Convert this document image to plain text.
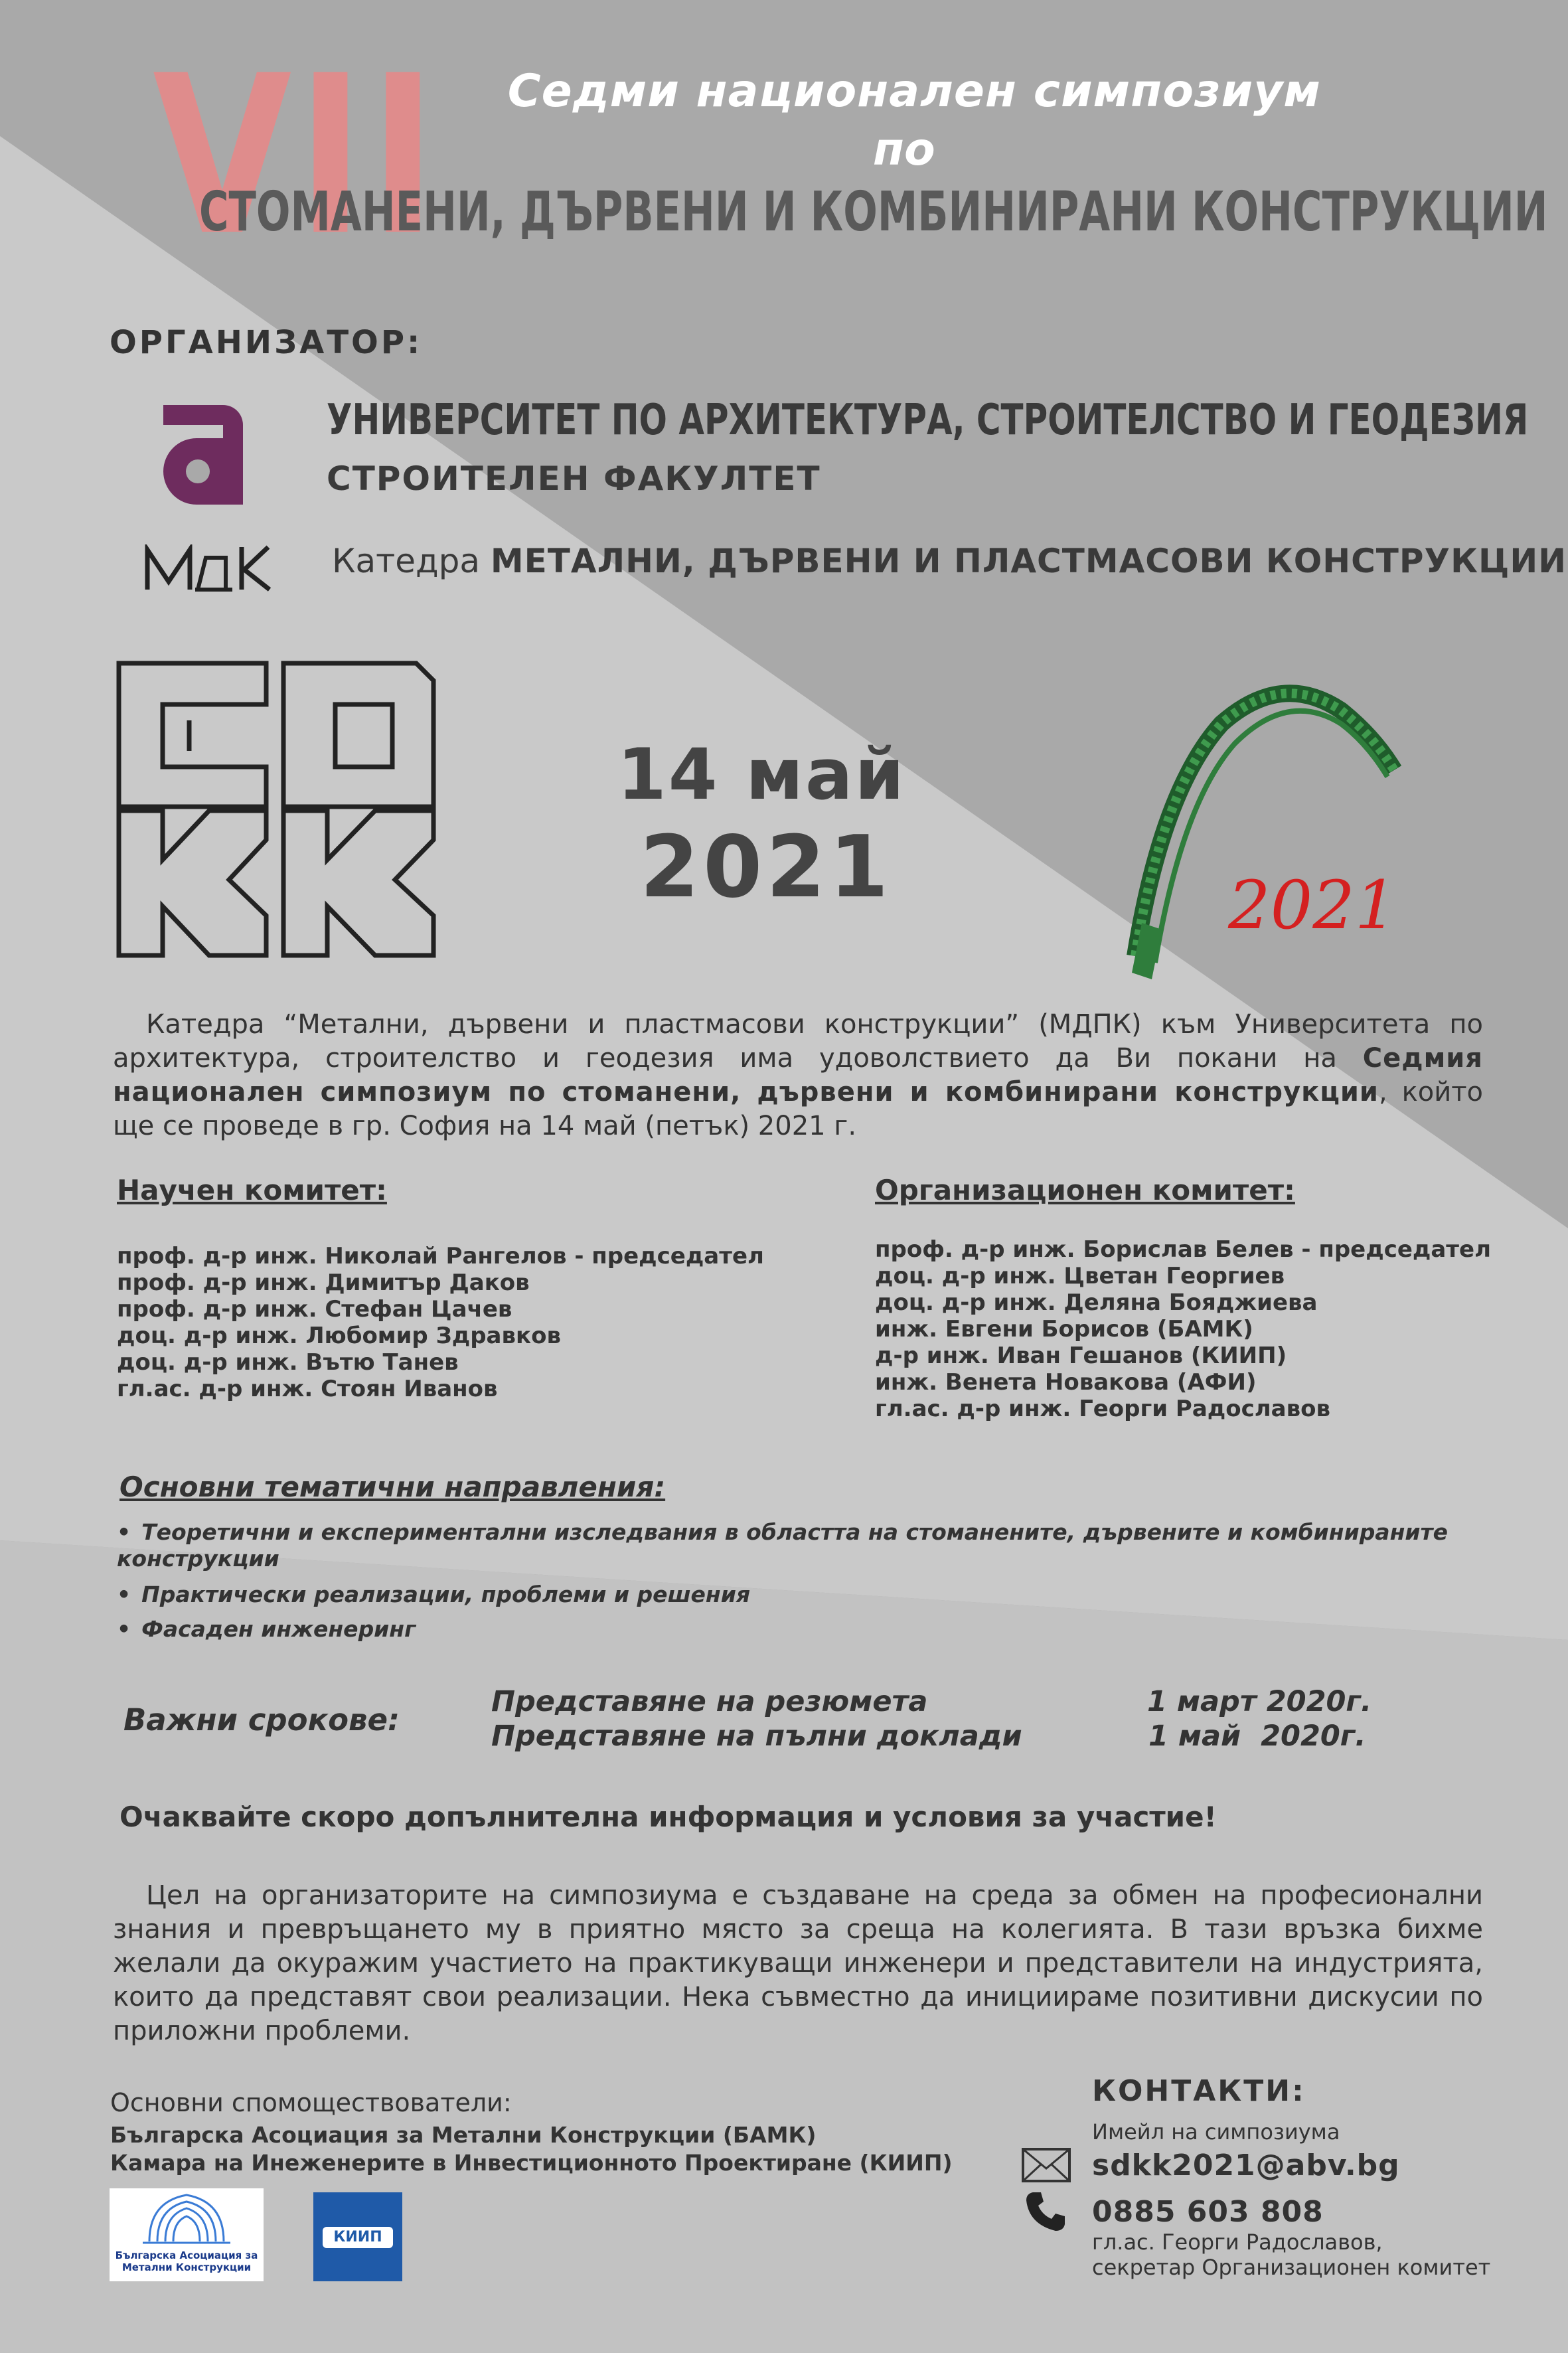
VII	Седми национален симпозиум
по
СТОМАНЕНИ, ДЪРВЕНИ И КОМБИНИРАНИ КОНСТРУКЦИИ
ОРГАНИЗАТОР:
УНИВЕРСИТЕТ ПО АРХИТЕКТУРА, СТРОИТЕЛСТВО И ГЕОДЕЗИЯ
СТРОИТЕЛЕН ФАКУЛТЕТ
Катедра МЕТАЛНИ, ДЪРВЕНИ И ПЛАСТМАСОВИ КОНСТРУКЦИИ
14 май
2021	2021
Катедра “Метални, дървени и пластмасови конструкции” (МДПК) към Университета по архитектура, строителство и геодезия има удоволствието да Ви покани на Седмия национален симпозиум по стоманени, дървени и комбинирани конструкции, който ще се проведе в гр. София на 14 май (петък) 2021 г.
Научен комитет:
проф. д-р инж. Николай Рангелов - председател
проф. д-р инж. Димитър Даков
проф. д-р инж. Стефан Цачев
доц. д-р инж. Любомир Здравков
доц. д-р инж. Вътю Танев
гл.ас. д-р инж. Стоян Иванов
Организационен комитет:
проф. д-р инж. Борислав Белев - председател
доц. д-р инж. Цветан Георгиев
доц. д-р инж. Деляна Бояджиева
инж. Евгени Борисов (БАМК)
д-р инж. Иван Гешанов (КИИП)
инж. Венета Новакова (АФИ)
гл.ас. д-р инж. Георги Радославов
Основни тематични направления:
• Теоретични и експериментални изследвания в областта на стоманените, дървените и комбинираните конструкции
• Практически реализации, проблеми и решения
• Фасаден инженеринг
Важни срокове:
Представяне на резюмета	1 март 2020г.
Представяне на пълни доклади	1 май  2020г.
Очаквайте скоро допълнителна информация и условия за участие!
Цел на организаторите на симпозиума е създаване на среда за обмен на професионални знания и превръщането му в приятно място за среща на колегията. В тази връзка бихме желали да окуражим участието на практикуващи инженери и представители на индустрията, които да представят свои реализации. Нека съвместно да инициираме позитивни дискусии по приложни проблеми.
Основни спомоществователи:
Българска Асоциация за Метални Конструкции (БАМК)
Камара на Инеженерите в Инвестиционното Проектиране (КИИП)
Българска Асоциация за Метални Конструкции
КИИП
КОНТАКТИ:
Имейл на симпозиума
sdkk2021@abv.bg
0885 603 808
гл.ас. Георги Радославов,
секретар Организационен комитет
